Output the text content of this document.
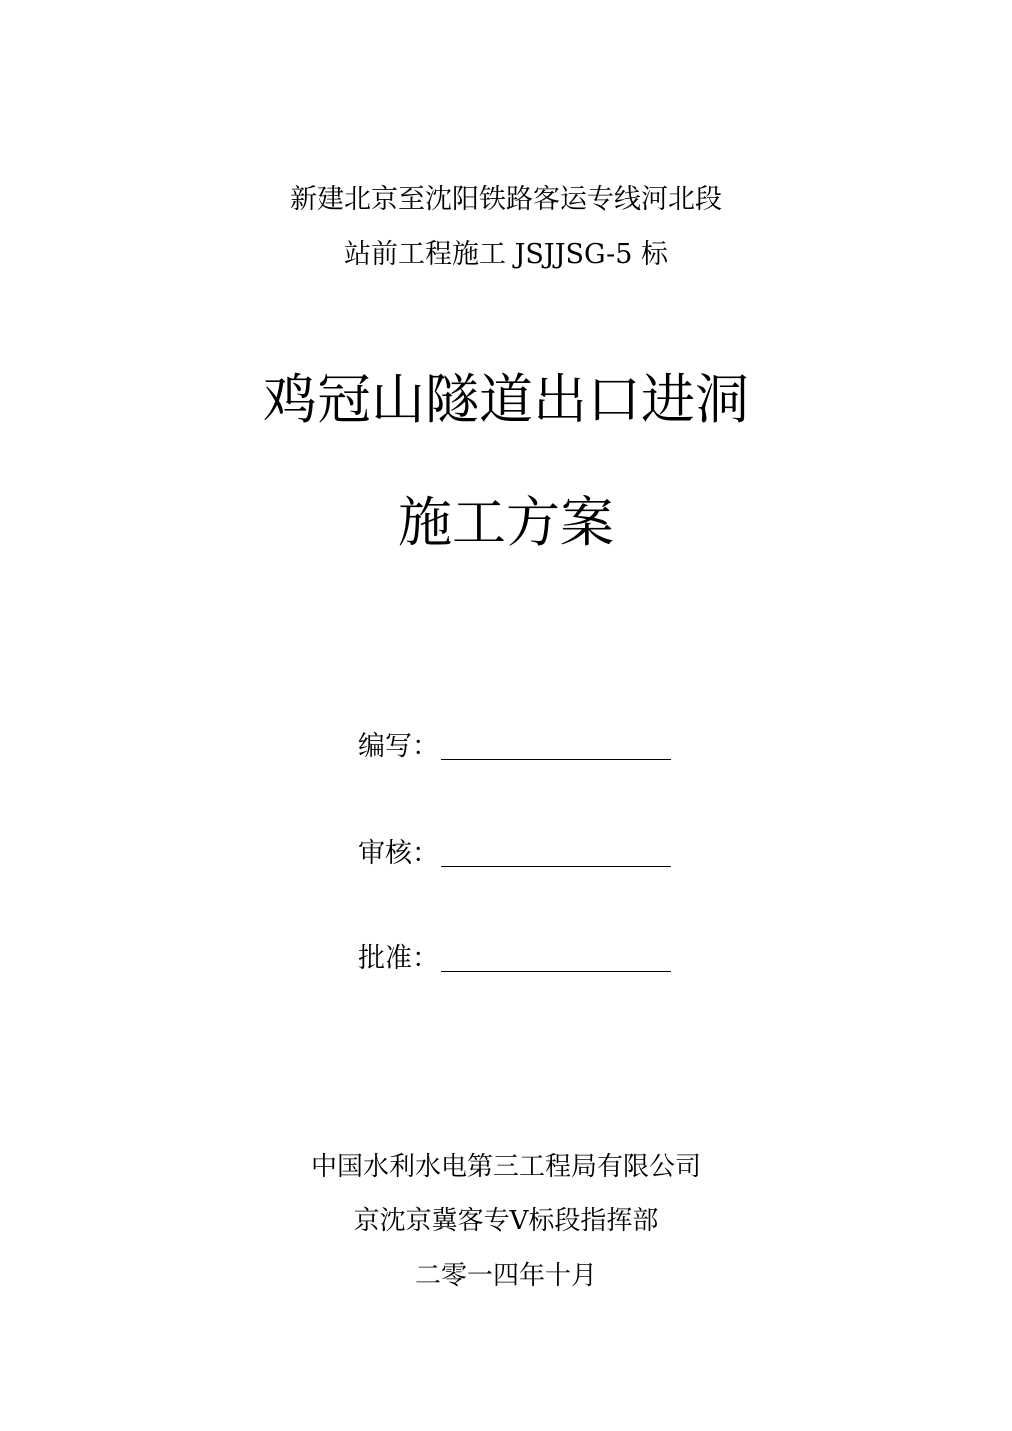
新建北京至沈阳铁路客运专线河北段
站前工程施工 JSJJSG-5 标
鸡冠山隧道出口进洞
施工方案
编写：
审核：
批准：
中国水利水电第三工程局有限公司
京沈京冀客专Ⅴ标段指挥部
二零一四年十月
